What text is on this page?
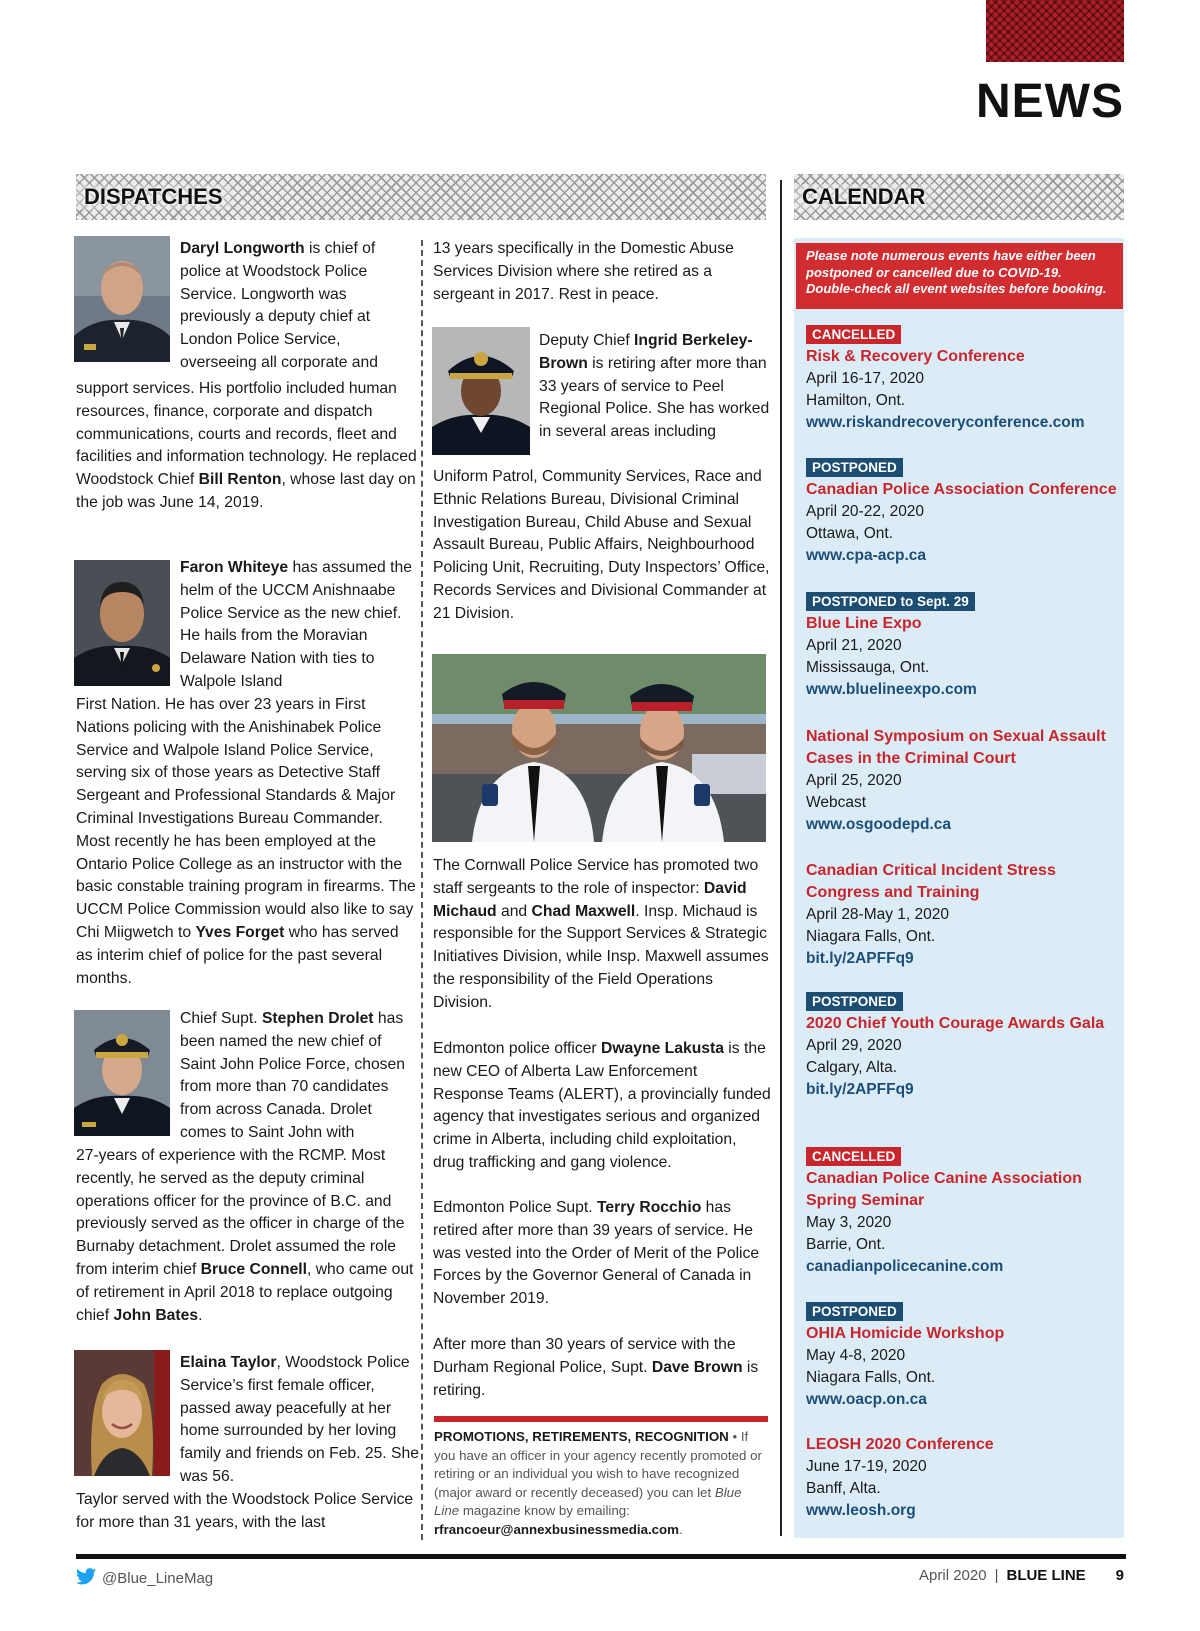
NEWS
DISPATCHES	CALENDAR
Daryl Longworth is chief of police at Woodstock Police Service. Longworth was previously a deputy chief at London Police Service, overseeing all corporate and
support services. His portfolio included human resources, finance, corporate and dispatch communications, courts and records, fleet and facilities and information technology. He replaced Woodstock Chief Bill Renton, whose last day on the job was June 14, 2019.
Faron Whiteye has assumed the helm of the UCCM Anishnaabe Police Service as the new chief. He hails from the Moravian Delaware Nation with ties to Walpole Island
First Nation. He has over 23 years in First Nations policing with the Anishinabek Police Service and Walpole Island Police Service, serving six of those years as Detective Staff Sergeant and Professional Standards & Major Criminal Investigations Bureau Commander. Most recently he has been employed at the Ontario Police College as an instructor with the basic constable training program in firearms. The UCCM Police Commission would also like to say Chi Miigwetch to Yves Forget who has served as interim chief of police for the past several months.
Chief Supt. Stephen Drolet has been named the new chief of Saint John Police Force, chosen from more than 70 candidates from across Canada. Drolet comes to Saint John with
27-years of experience with the RCMP. Most recently, he served as the deputy criminal operations officer for the province of B.C. and previously served as the officer in charge of the Burnaby detachment. Drolet assumed the role from interim chief Bruce Connell, who came out of retirement in April 2018 to replace outgoing chief John Bates.
Elaina Taylor, Woodstock Police Service’s first female officer, passed away peacefully at her home surrounded by her loving family and friends on Feb. 25. She was 56.
Taylor served with the Woodstock Police Service for more than 31 years, with the last
13 years specifically in the Domestic Abuse Services Division where she retired as a sergeant in 2017. Rest in peace.
Deputy Chief Ingrid Berkeley-Brown is retiring after more than 33 years of service to Peel Regional Police. She has worked in several areas including
Uniform Patrol, Community Services, Race and Ethnic Relations Bureau, Divisional Criminal Investigation Bureau, Child Abuse and Sexual Assault Bureau, Public Affairs, Neighbourhood Policing Unit, Recruiting, Duty Inspectors’ Office, Records Services and Divisional Commander at 21 Division.
The Cornwall Police Service has promoted two staff sergeants to the role of inspector: David Michaud and Chad Maxwell. Insp. Michaud is responsible for the Support Services & Strategic Initiatives Division, while Insp. Maxwell assumes the responsibility of the Field Operations Division.
Edmonton police officer Dwayne Lakusta is the new CEO of Alberta Law Enforcement Response Teams (ALERT), a provincially funded agency that investigates serious and organized crime in Alberta, including child exploitation, drug trafficking and gang violence.
Edmonton Police Supt. Terry Rocchio has retired after more than 39 years of service. He was vested into the Order of Merit of the Police Forces by the Governor General of Canada in November 2019.
After more than 30 years of service with the Durham Regional Police, Supt. Dave Brown is retiring.
PROMOTIONS, RETIREMENTS, RECOGNITION • If you have an officer in your agency recently promoted or retiring or an individual you wish to have recognized (major award or recently deceased) you can let Blue Line magazine know by emailing: rfrancoeur@annexbusinessmedia.com.
Please note numerous events have either been postponed or cancelled due to COVID-19. Double-check all event websites before booking.
CANCELLED
Risk & Recovery Conference
April 16-17, 2020
Hamilton, Ont.
www.riskandrecoveryconference.com
POSTPONED
Canadian Police Association Conference
April 20-22, 2020
Ottawa, Ont.
www.cpa-acp.ca
POSTPONED to Sept. 29
Blue Line Expo
April 21, 2020
Mississauga, Ont.
www.bluelineexpo.com
National Symposium on Sexual Assault Cases in the Criminal Court
April 25, 2020
Webcast
www.osgoodepd.ca
Canadian Critical Incident Stress Congress and Training
April 28-May 1, 2020
Niagara Falls, Ont.
bit.ly/2APFFq9
POSTPONED
2020 Chief Youth Courage Awards Gala
April 29, 2020
Calgary, Alta.
bit.ly/2APFFq9
CANCELLED
Canadian Police Canine Association Spring Seminar
May 3, 2020
Barrie, Ont.
canadianpolicecanine.com
POSTPONED
OHIA Homicide Workshop
May 4-8, 2020
Niagara Falls, Ont.
www.oacp.on.ca
LEOSH 2020 Conference
June 17-19, 2020
Banff, Alta.
www.leosh.org
@Blue_LineMag	April 2020 | BLUE LINE 9
